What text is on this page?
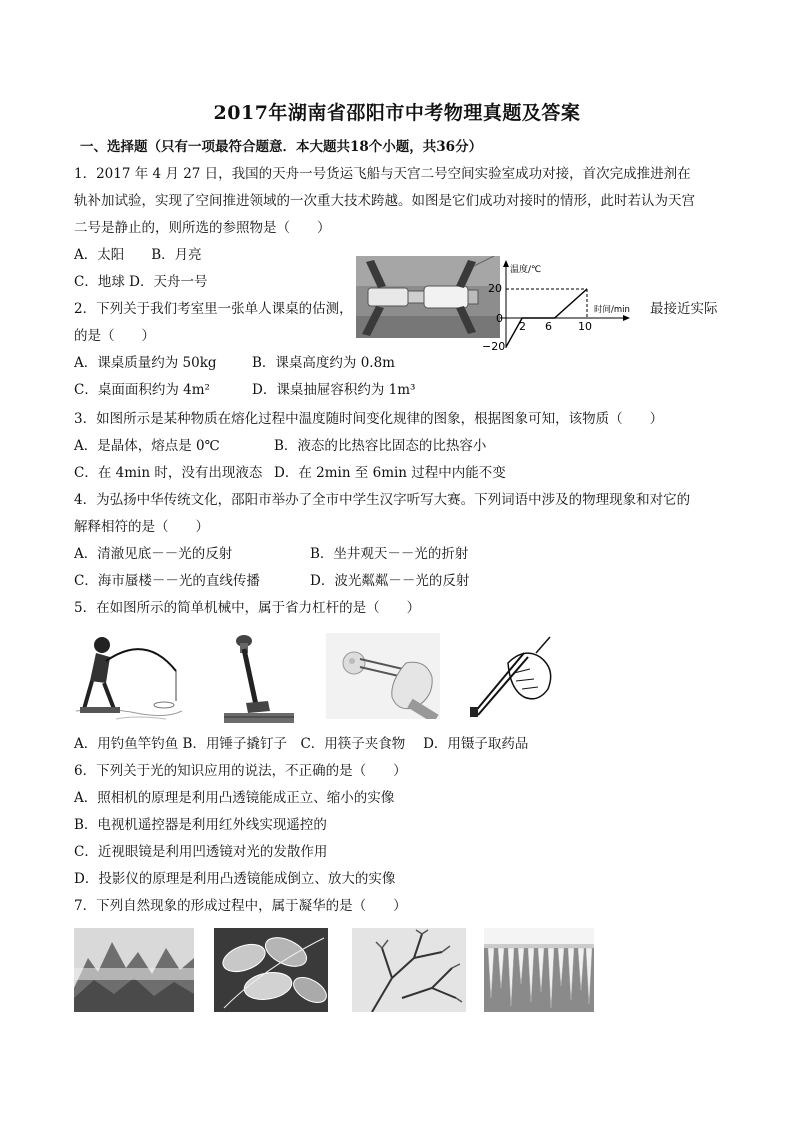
2017年湖南省邵阳市中考物理真题及答案
一、选择题（只有一项最符合题意．本大题共18个小题，共36分）
1．2017 年 4 月 27 日，我国的天舟一号货运飞船与天宫二号空间实验室成功对接，首次完成推进剂在
轨补加试验，实现了空间推进领域的一次重大技术跨越。如图是它们成功对接时的情形，此时若认为天宫
二号是静止的，则所选的参照物是（　　）
A．太阳　　B．月亮
C．地球 D．天舟一号
温度/℃
时间/min
20
0
−20
2 6 10
2．下列关于我们考室里一张单人课桌的估测，	最接近实际
的是（　　）
A．课桌质量约为 50kg	B．课桌高度约为 0.8m
C．桌面面积约为 4m²	D．课桌抽屉容积约为 1m³
3．如图所示是某种物质在熔化过程中温度随时间变化规律的图象，根据图象可知，该物质（　　）
A．是晶体，熔点是 0℃	B．液态的比热容比固态的比热容小
C．在 4min 时，没有出现液态 D．在 2min 至 6min 过程中内能不变
4．为弘扬中华传统文化，邵阳市举办了全市中学生汉字听写大赛。下列词语中涉及的物理现象和对它的
解释相符的是（　　）
A．清澈见底－－光的反射	B．坐井观天－－光的折射
C．海市蜃楼－－光的直线传播	D．波光粼粼－－光的反射
5．在如图所示的简单机械中，属于省力杠杆的是（　　）
A．用钓鱼竿钓鱼 B．用锤子撬钉子　C．用筷子夹食物　 D．用镊子取药品
6．下列关于光的知识应用的说法，不正确的是（　　）
A．照相机的原理是利用凸透镜能成正立、缩小的实像
B．电视机遥控器是利用红外线实现遥控的
C．近视眼镜是利用凹透镜对光的发散作用
D．投影仪的原理是利用凸透镜能成倒立、放大的实像
7．下列自然现象的形成过程中，属于凝华的是（　　）
